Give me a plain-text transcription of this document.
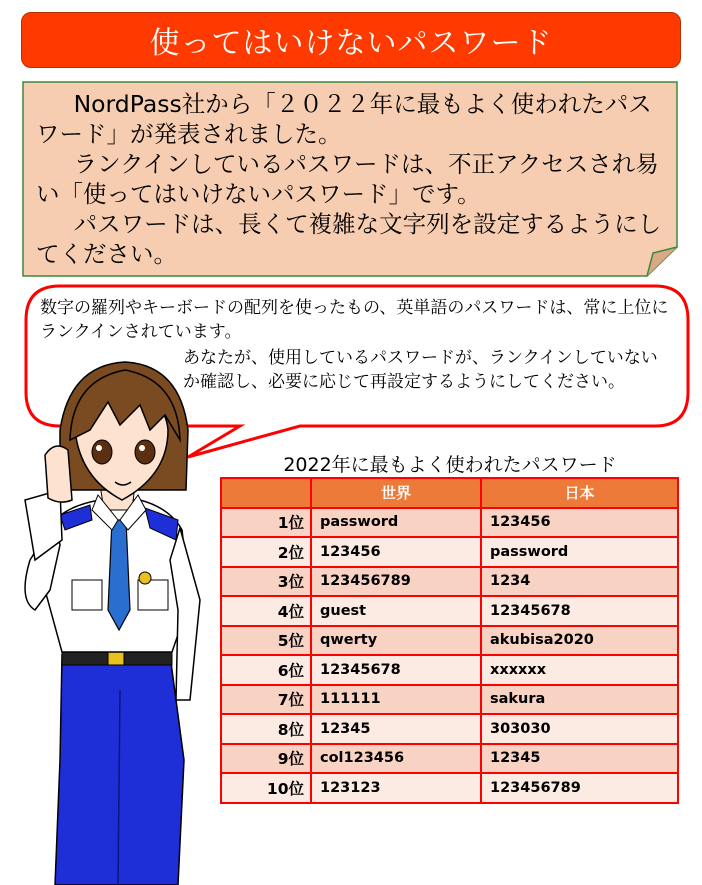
使ってはいけないパスワード

NordPass社から「２０２２年に最もよく使われたパスワード」が発表されました。

ランクインしているパスワードは、不正アクセスされ易い「使ってはいけないパスワード」です。

パスワードは、長くて複雑な文字列を設定するようにしてください。

数字の羅列やキーボードの配列を使ったもの、英単語のパスワードは、常に上位にランクインされています。
あなたが、使用しているパスワードが、ランクインしていないか確認し、必要に応じて再設定するようにしてください。
2022年に最もよく使われたパスワード
	世界	日本
1位	password	123456
2位	123456	password
3位	123456789	1234
4位	guest	12345678
5位	qwerty	akubisa2020
6位	12345678	xxxxxx
7位	111111	sakura
8位	12345	303030
9位	col123456	12345
10位	123123	123456789
